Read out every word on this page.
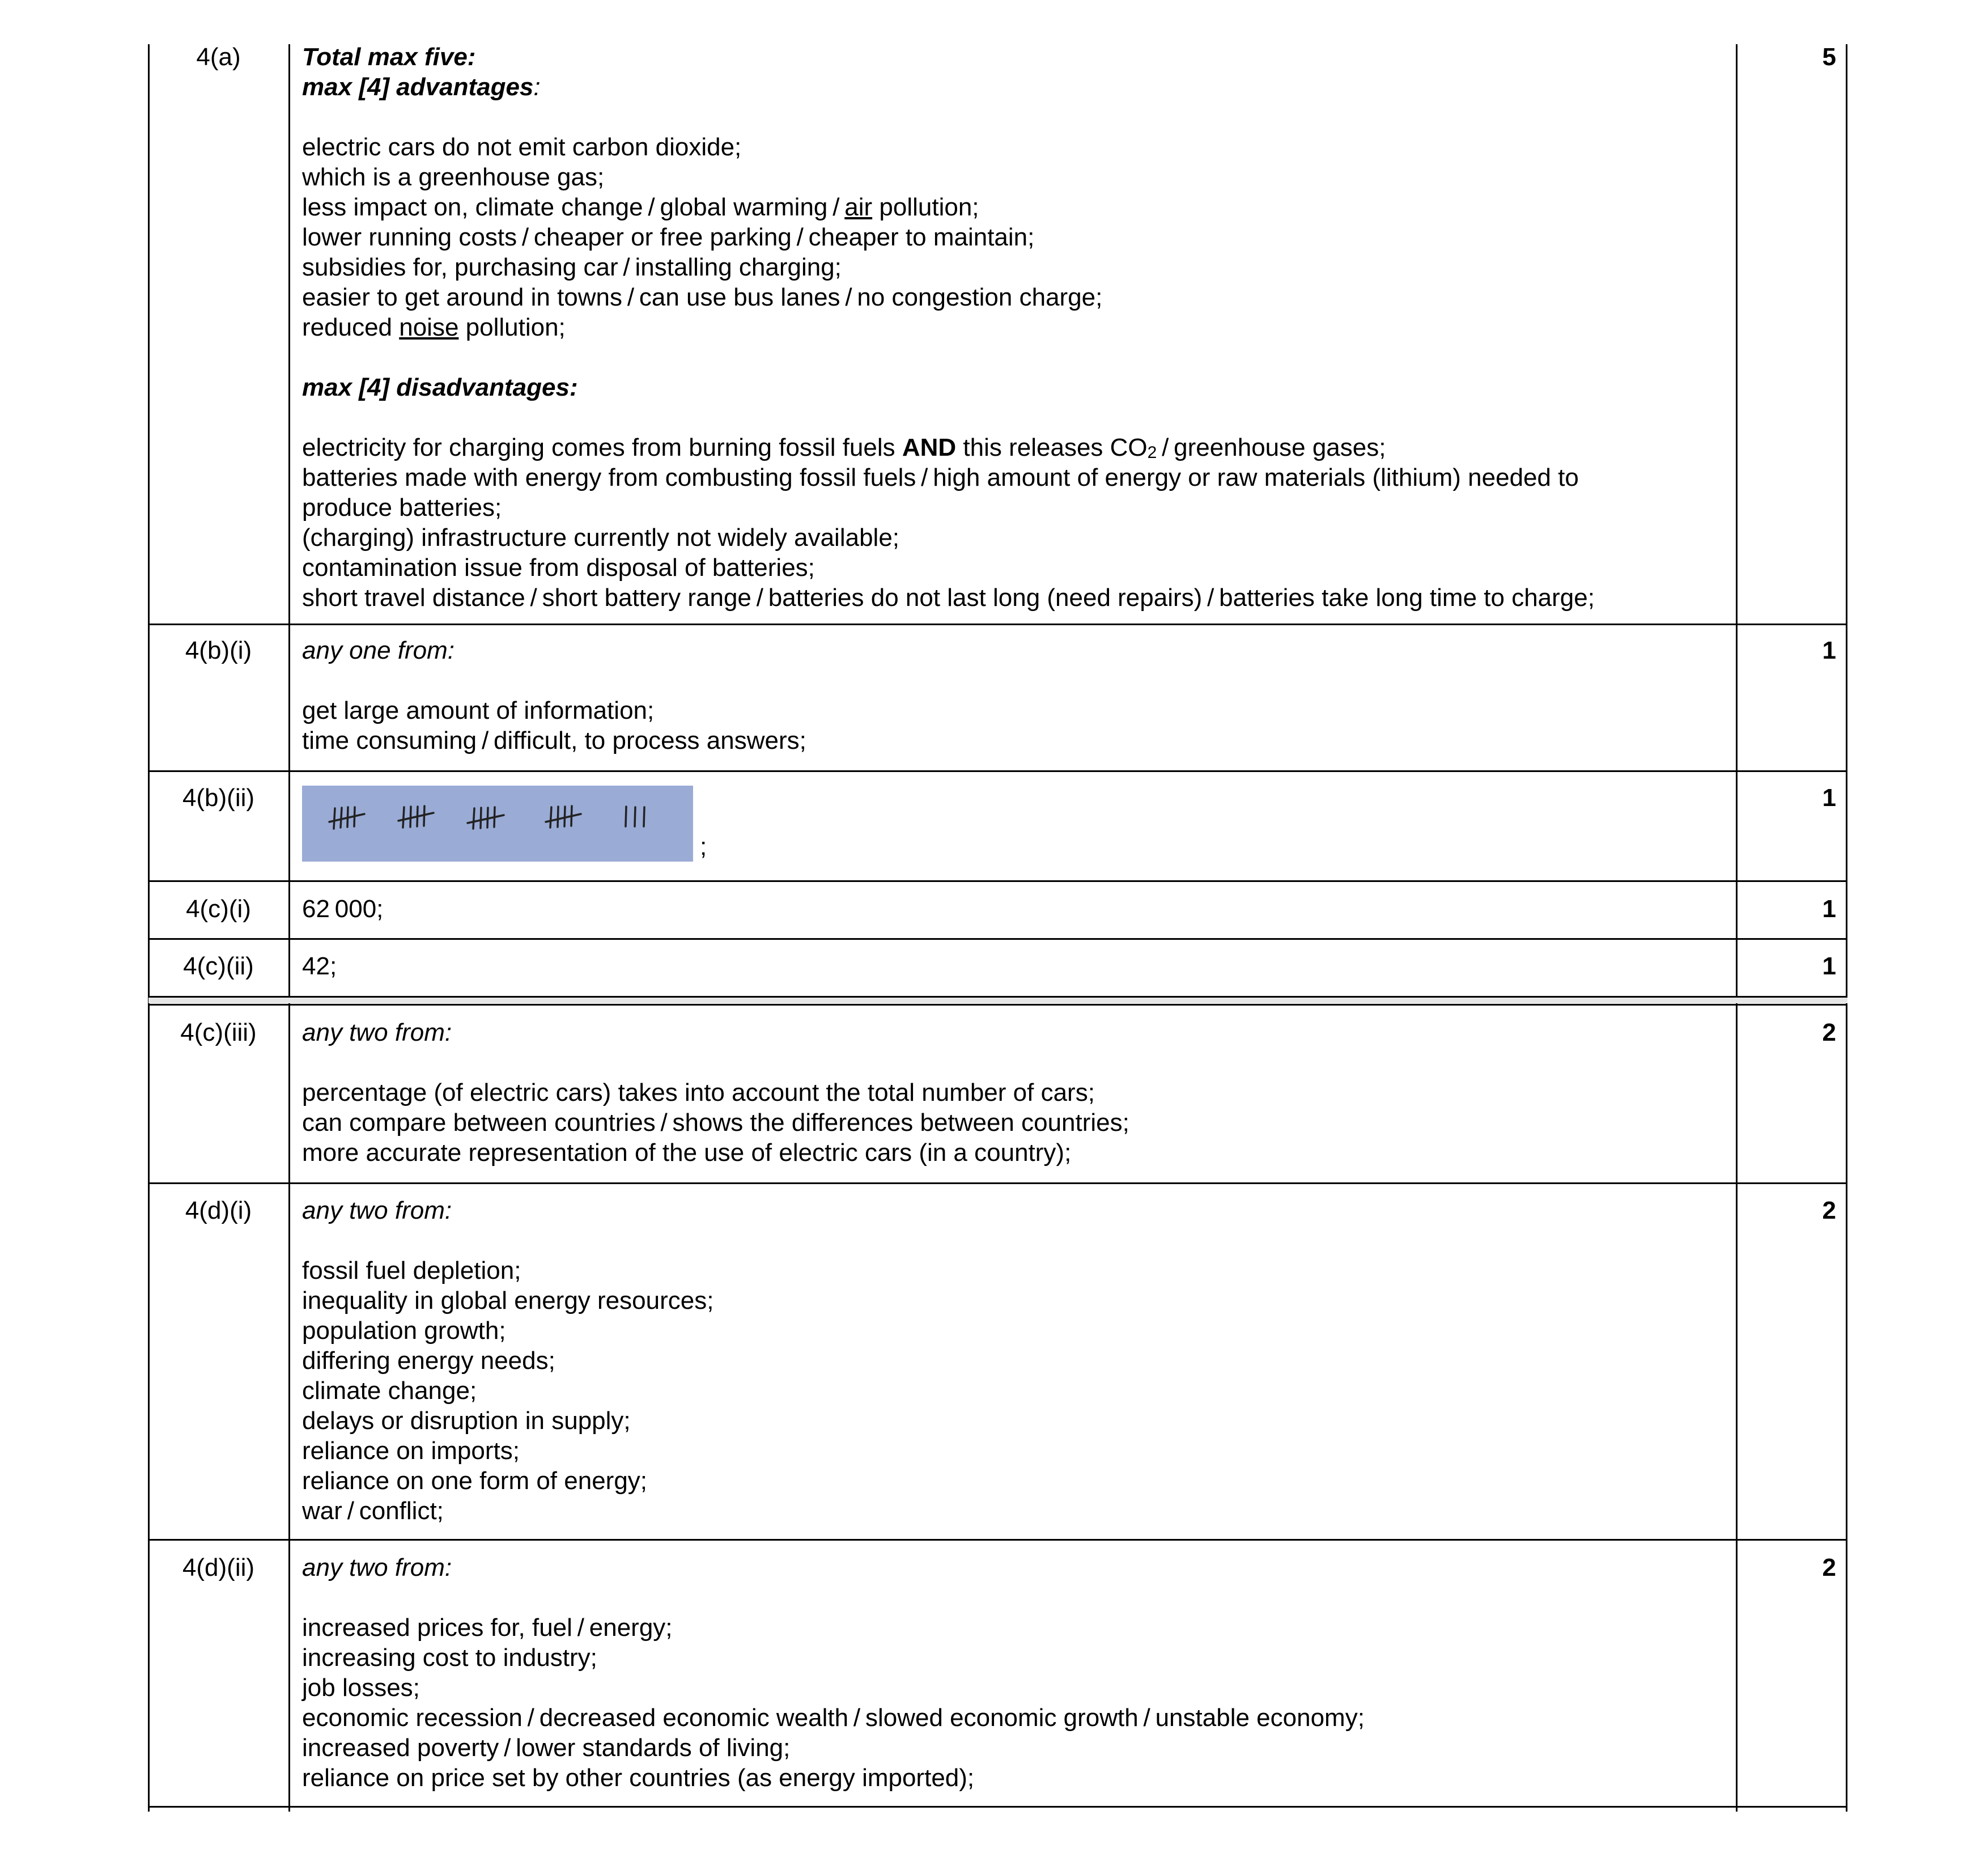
4(a)	5
Total max five:
max [4] advantages:
electric cars do not emit carbon dioxide;
which is a greenhouse gas;
less impact on, climate change / global warming / air pollution;
lower running costs / cheaper or free parking / cheaper to maintain;
subsidies for, purchasing car / installing charging;
easier to get around in towns / can use bus lanes / no congestion charge;
reduced noise pollution;
max [4] disadvantages:
electricity for charging comes from burning fossil fuels AND this releases $CO_2$ / greenhouse gases;
batteries made with energy from combusting fossil fuels / high amount of energy or raw materials (lithium) needed to
produce batteries;
(charging) infrastructure currently not widely available;
contamination issue from disposal of batteries;
short travel distance / short battery range / batteries do not last long (need repairs) / batteries take long time to charge;
4(b)(i)	1
any one from:
get large amount of information;
time consuming / difficult, to process answers;
4(b)(ii)	1
;
4(c)(i)	1
62 000;
4(c)(ii)	1
42;
4(c)(iii)	2
any two from:
percentage (of electric cars) takes into account the total number of cars;
can compare between countries / shows the differences between countries;
more accurate representation of the use of electric cars (in a country);
4(d)(i)	2
any two from:
fossil fuel depletion;
inequality in global energy resources;
population growth;
differing energy needs;
climate change;
delays or disruption in supply;
reliance on imports;
reliance on one form of energy;
war / conflict;
4(d)(ii)	2
any two from:
increased prices for, fuel / energy;
increasing cost to industry;
job losses;
economic recession / decreased economic wealth / slowed economic growth / unstable economy;
increased poverty / lower standards of living;
reliance on price set by other countries (as energy imported);
